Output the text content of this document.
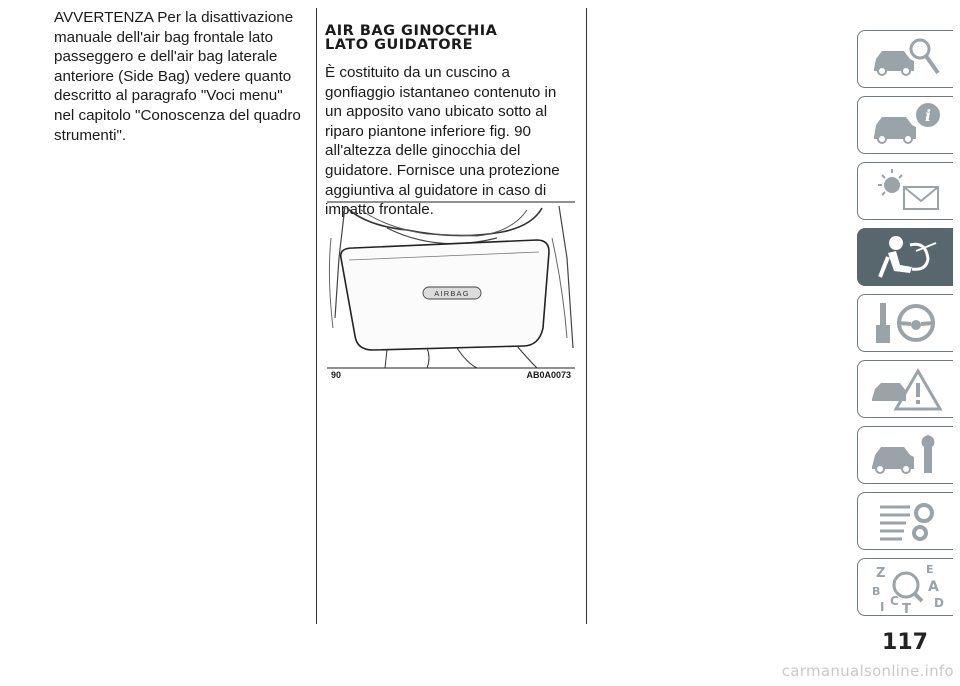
AVVERTENZA Per la disattivazione manuale dell'air bag frontale lato passeggero e dell'air bag laterale anteriore (Side Bag) vedere quanto descritto al paragrafo "Voci menu" nel capitolo "Conoscenza del quadro strumenti".
AIR BAG GINOCCHIA
LATO GUIDATORE
È costituito da un cuscino a gonfiaggio istantaneo contenuto in un apposito vano ubicato sotto al riparo piantone inferiore fig. 90 all'altezza delle ginocchia del guidatore. Fornisce una protezione aggiuntiva al guidatore in caso di impatto frontale.
AIRBAG
90	AB0A0073
i
Z	E
B	A
C	D
T
I
117
carmanualsonline.info
